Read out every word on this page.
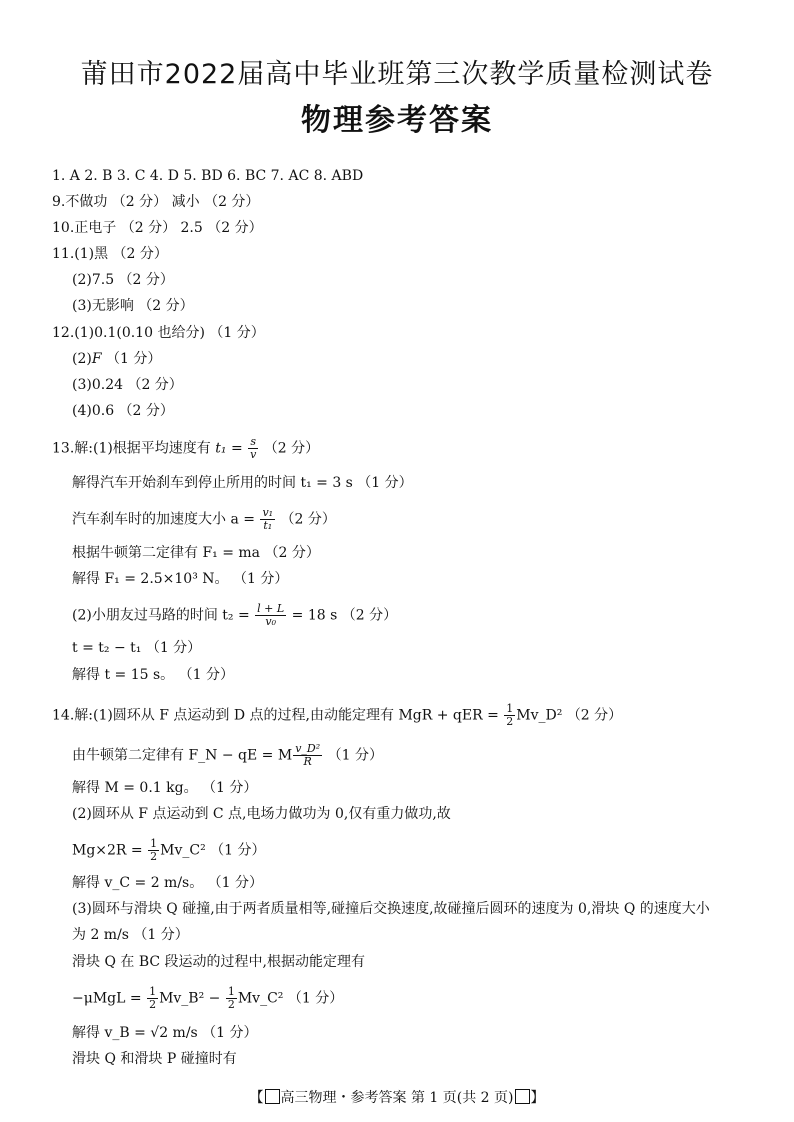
莆田市2022届高中毕业班第三次教学质量检测试卷
物理参考答案
1. A 2. B 3. C 4. D 5. BD 6. BC 7. AC 8. ABD
9.不做功 （2 分） 减小 （2 分）
10.正电子 （2 分） 2.5 （2 分）
11.(1)黑 （2 分）
(2)7.5 （2 分）
(3)无影响 （2 分）
12.(1)0.1(0.10 也给分) （1 分）
(2)F （1 分）
(3)0.24 （2 分）
(4)0.6 （2 分）
13.解:(1)根据平均速度有 $t_1 = \frac{s}{v} (2$ 分）
解得汽车开始刹车到停止所用的时间 t₁ = 3 s （1 分）
汽车刹车时的加速度大小 $a = \frac{\text{v₁}}{\text{t₁}} (2$ 分）
根据牛顿第二定律有 F₁ = ma （2 分）
解得 F₁ = 2.5×10³ N。 （1 分）
(2)小朋友过马路的时间 $t_2 = \frac{l + L}{\text{v₀}} = 18$ s （2 分）
t = t₂ − t₁ （1 分）
解得 t = 15 s。 （1 分）
14.解:(1)圆环从 F 点运动到 D 点的过程,由动能定理有 MgR + qER = $\frac{1}{2}$ Mv_D² （2 分）
由牛顿第二定律有 F_N − qE = M $\frac{\text{v\_D²}}{R} (1$ 分）
解得 M = 0.1 kg。 （1 分）
(2)圆环从 F 点运动到 C 点,电场力做功为 0,仅有重力做功,故
$Mg\times 2R = \frac{1}{2}$ Mv_C² （1 分）
解得 v_C = 2 m/s。 （1 分）
(3)圆环与滑块 Q 碰撞,由于两者质量相等,碰撞后交换速度,故碰撞后圆环的速度为 0,滑块 Q 的速度大小
为 2 m/s （1 分）
滑块 Q 在 BC 段运动的过程中,根据动能定理有
$-\mu MgL = \frac{1}{2}$ Mv_B² − $\frac{1}{2}$ Mv_C² （1 分）
解得 v_B = √2 m/s （1 分）
滑块 Q 和滑块 P 碰撞时有
【 高三物理・参考答案 第 1 页(共 2 页) 】
